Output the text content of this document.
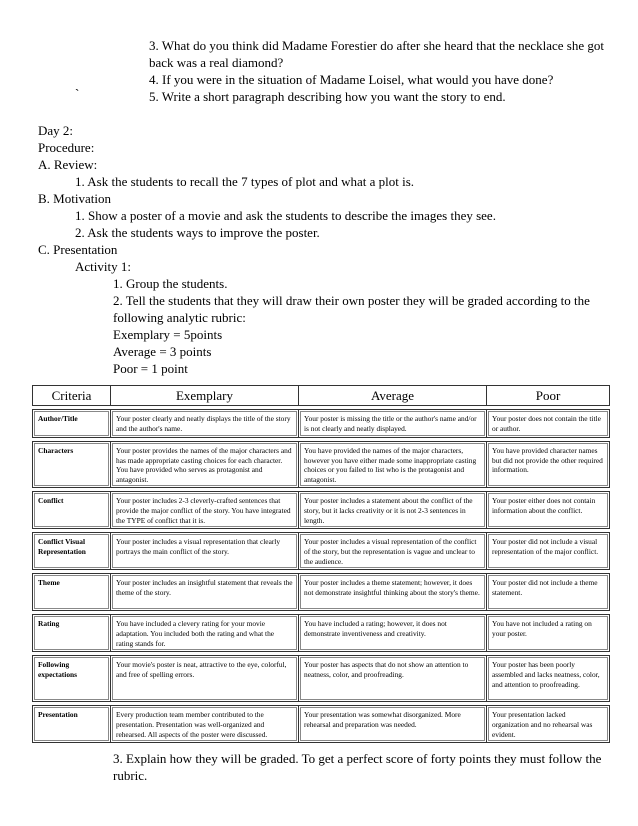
3. What do you think did Madame Forestier do after she heard that the necklace she got
back was a real diamond?
4. If you were in the situation of Madame Loisel, what would you have done?
`	5. Write a short paragraph describing how you want the story to end.
Day 2:
Procedure:
A. Review:
1. Ask the students to recall the 7 types of plot and what a plot is.
B. Motivation
1. Show a poster of a movie and ask the students to describe the images they see.
2. Ask the students ways to improve the poster.
C. Presentation
Activity 1:
1. Group the students.
2. Tell the students that they will draw their own poster they will be graded according to the
following analytic rubric:
Exemplary = 5points
Average = 3 points
Poor = 1 point
Criteria	Exemplary	Average	Poor

Author/Title	Your poster clearly and neatly displays the title of the story and the author's name.	Your poster is missing the title or the author's name and/or is not clearly and neatly displayed.	Your poster does not contain the title or author.

Characters	Your poster provides the names of the major characters and has made appropriate casting choices for each character. You have provided who serves as protagonist and antagonist.	You have provided the names of the major characters, however you have either made some inappropriate casting choices or you failed to list who is the protagonist and antagonist.	You have provided character names but did not provide the other required information.

Conflict	Your poster includes 2-3 cleverly-crafted sentences that provide the major conflict of the story. You have integrated the TYPE of conflict that it is.	Your poster includes a statement about the conflict of the story, but it lacks creativity or it is not 2-3 sentences in length.	Your poster either does not contain information about the conflict.

Conflict Visual Representation	Your poster includes a visual representation that clearly portrays the main conflict of the story.	Your poster includes a visual representation of the conflict of the story, but the representation is vague and unclear to the audience.	Your poster did not include a visual representation of the major conflict.

Theme	Your poster includes an insightful statement that reveals the theme of the story.	Your poster includes a theme statement; however, it does not demonstrate insightful thinking about the story's theme.	Your poster did not include a theme statement.

Rating	You have included a clevery rating for your movie adaptation. You included both the rating and what the rating stands for.	You have included a rating; however, it does not demonstrate inventiveness and creativity.	You have not included a rating on your poster.

Following expectations	Your movie's poster is neat, attractive to the eye, colorful, and free of spelling errors.	Your poster has aspects that do not show an attention to neatness, color, and proofreading.	Your poster has been poorly assembled and lacks neatness, color, and attention to proofreading.

Presentation	Every production team member contributed to the presentation. Presentation was well-organized and rehearsed. All aspects of the poster were discussed.	Your presentation was somewhat disorganized. More rehearsal and preparation was needed.	Your presentation lacked organization and no rehearsal was evident.
3. Explain how they will be graded. To get a perfect score of forty points they must follow the
rubric.
